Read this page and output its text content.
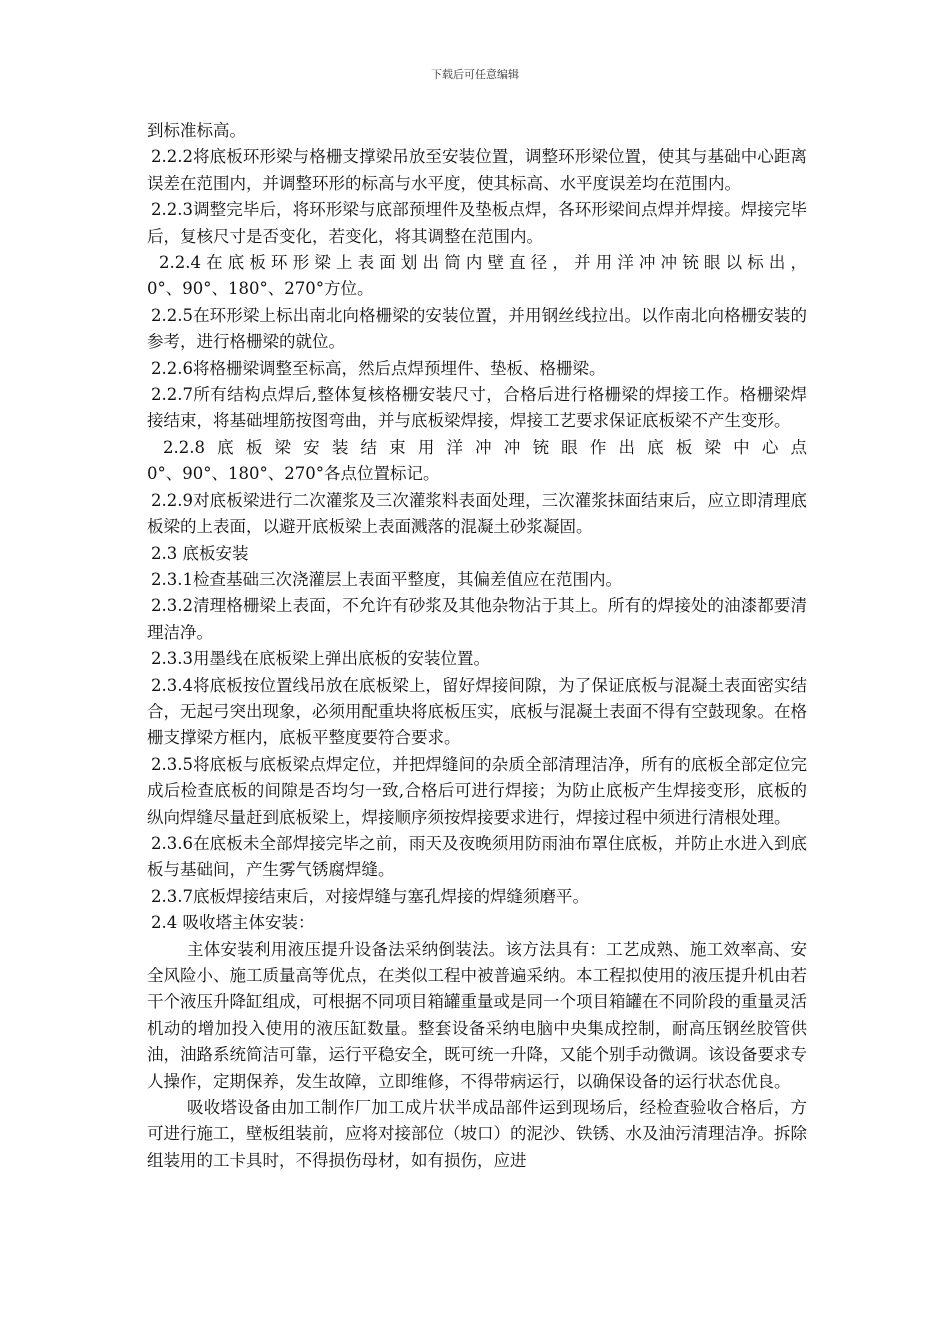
下载后可任意编辑

到标准标高。

2.2.2将底板环形梁与格栅支撑梁吊放至安装位置，调整环形梁位置，使其与基础中心距离误差在范围内，并调整环形的标高与水平度，使其标高、水平度误差均在范围内。

2.2.3调整完毕后，将环形梁与底部预埋件及垫板点焊，各环形梁间点焊并焊接。焊接完毕后，复核尺寸是否变化，若变化，将其调整在范围内。

2.2.4在底板环形梁上表面划出筒内壁直径，并用洋冲冲铳眼以标出，

0°、90°、180°、270°方位。

2.2.5在环形梁上标出南北向格栅梁的安装位置，并用钢丝线拉出。以作南北向格栅安装的参考，进行格栅梁的就位。

2.2.6将格栅梁调整至标高，然后点焊预埋件、垫板、格栅梁。

2.2.7所有结构点焊后,整体复核格栅安装尺寸，合格后进行格栅梁的焊接工作。格栅梁焊接结束，将基础埋筋按图弯曲，并与底板梁焊接，焊接工艺要求保证底板梁不产生变形。

2.2.8底板梁安装结束用洋冲冲铳眼作出底板梁中心点

0°、90°、180°、270°各点位置标记。

2.2.9对底板梁进行二次灌浆及三次灌浆料表面处理，三次灌浆抹面结束后，应立即清理底板梁的上表面，以避开底板梁上表面溅落的混凝土砂浆凝固。

2.3 底板安装

2.3.1检查基础三次浇灌层上表面平整度，其偏差值应在范围内。

2.3.2清理格栅梁上表面，不允许有砂浆及其他杂物沾于其上。所有的焊接处的油漆都要清理洁净。

2.3.3用墨线在底板梁上弹出底板的安装位置。

2.3.4将底板按位置线吊放在底板梁上，留好焊接间隙，为了保证底板与混凝土表面密实结合，无起弓突出现象，必须用配重块将底板压实，底板与混凝土表面不得有空鼓现象。在格栅支撑梁方框内，底板平整度要符合要求。

2.3.5将底板与底板梁点焊定位，并把焊缝间的杂质全部清理洁净，所有的底板全部定位完成后检查底板的间隙是否均匀一致,合格后可进行焊接；为防止底板产生焊接变形，底板的纵向焊缝尽量赶到底板梁上，焊接顺序须按焊接要求进行，焊接过程中须进行清根处理。

2.3.6在底板未全部焊接完毕之前，雨天及夜晚须用防雨油布罩住底板，并防止水进入到底板与基础间，产生雾气锈腐焊缝。

2.3.7底板焊接结束后，对接焊缝与塞孔焊接的焊缝须磨平。

2.4 吸收塔主体安装：

主体安装利用液压提升设备法采纳倒装法。该方法具有：工艺成熟、施工效率高、安全风险小、施工质量高等优点，在类似工程中被普遍采纳。本工程拟使用的液压提升机由若干个液压升降缸组成，可根据不同项目箱罐重量或是同一个项目箱罐在不同阶段的重量灵活机动的增加投入使用的液压缸数量。整套设备采纳电脑中央集成控制，耐高压钢丝胶管供油，油路系统简洁可靠，运行平稳安全，既可统一升降，又能个别手动微调。该设备要求专人操作，定期保养，发生故障，立即维修，不得带病运行，以确保设备的运行状态优良。

吸收塔设备由加工制作厂加工成片状半成品部件运到现场后，经检查验收合格后，方可进行施工，壁板组装前，应将对接部位（坡口）的泥沙、铁锈、水及油污清理洁净。拆除组装用的工卡具时，不得损伤母材，如有损伤，应进
